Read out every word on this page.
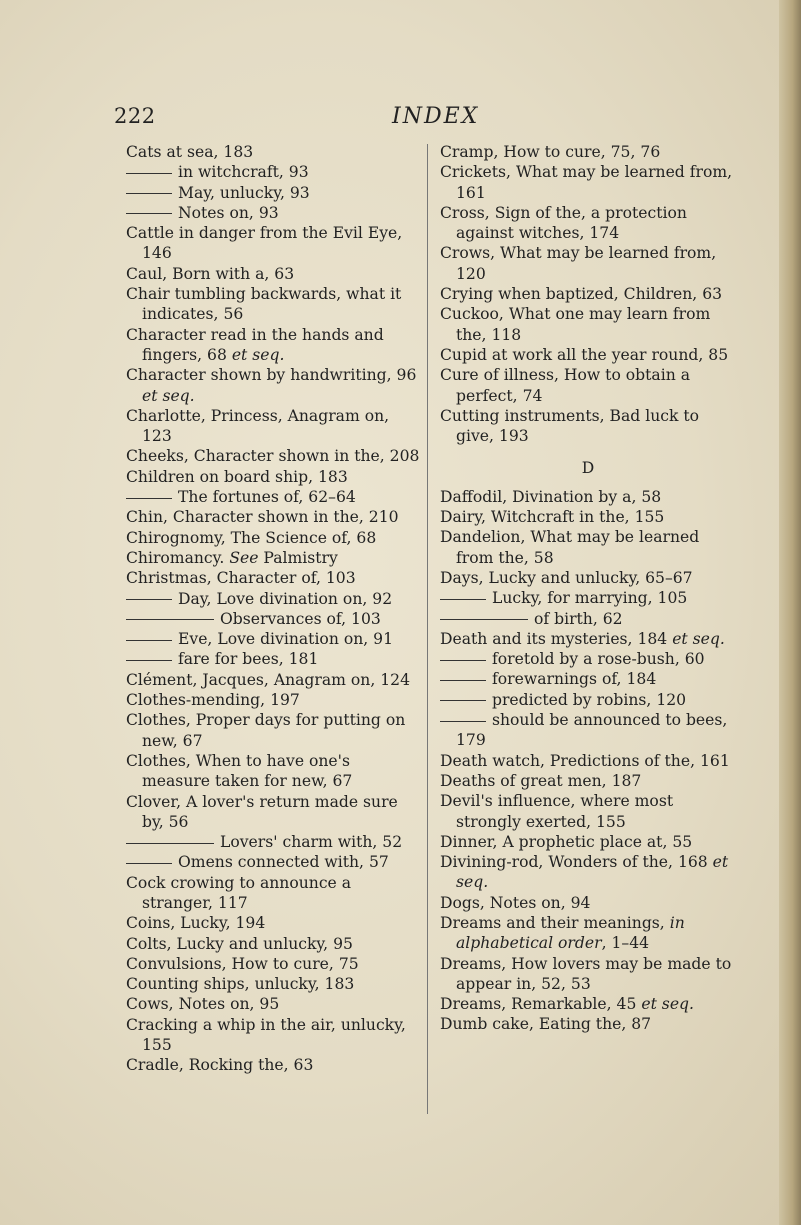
222	INDEX
Cats at sea, 183
in witchcraft, 93
May, unlucky, 93
Notes on, 93
Cattle in danger from the Evil Eye, 146
Caul, Born with a, 63
Chair tumbling backwards, what it indicates, 56
Character read in the hands and fingers, 68 et seq.
Character shown by handwriting, 96 et seq.
Charlotte, Princess, Anagram on, 123
Cheeks, Character shown in the, 208
Children on board ship, 183
The fortunes of, 62–64
Chin, Character shown in the, 210
Chirognomy, The Science of, 68
Chiromancy. See Palmistry
Christmas, Character of, 103
Day, Love divination on, 92
Observances of, 103
Eve, Love divination on, 91
fare for bees, 181
Clément, Jacques, Anagram on, 124
Clothes-mending, 197
Clothes, Proper days for putting on new, 67
Clothes, When to have one's measure taken for new, 67
Clover, A lover's return made sure by, 56
Lovers' charm with, 52
Omens connected with, 57
Cock crowing to announce a stranger, 117
Coins, Lucky, 194
Colts, Lucky and unlucky, 95
Convulsions, How to cure, 75
Counting ships, unlucky, 183
Cows, Notes on, 95
Cracking a whip in the air, unlucky, 155
Cradle, Rocking the, 63
Cramp, How to cure, 75, 76
Crickets, What may be learned from, 161
Cross, Sign of the, a protection against witches, 174
Crows, What may be learned from, 120
Crying when baptized, Children, 63
Cuckoo, What one may learn from the, 118
Cupid at work all the year round, 85
Cure of illness, How to obtain a perfect, 74
Cutting instruments, Bad luck to give, 193
D
Daffodil, Divination by a, 58
Dairy, Witchcraft in the, 155
Dandelion, What may be learned from the, 58
Days, Lucky and unlucky, 65–67
Lucky, for marrying, 105
of birth, 62
Death and its mysteries, 184 et seq.
foretold by a rose-bush, 60
forewarnings of, 184
predicted by robins, 120
should be announced to bees, 179
Death watch, Predictions of the, 161
Deaths of great men, 187
Devil's influence, where most strongly exerted, 155
Dinner, A prophetic place at, 55
Divining-rod, Wonders of the, 168 et seq.
Dogs, Notes on, 94
Dreams and their meanings, in alphabetical order, 1–44
Dreams, How lovers may be made to appear in, 52, 53
Dreams, Remarkable, 45 et seq.
Dumb cake, Eating the, 87
